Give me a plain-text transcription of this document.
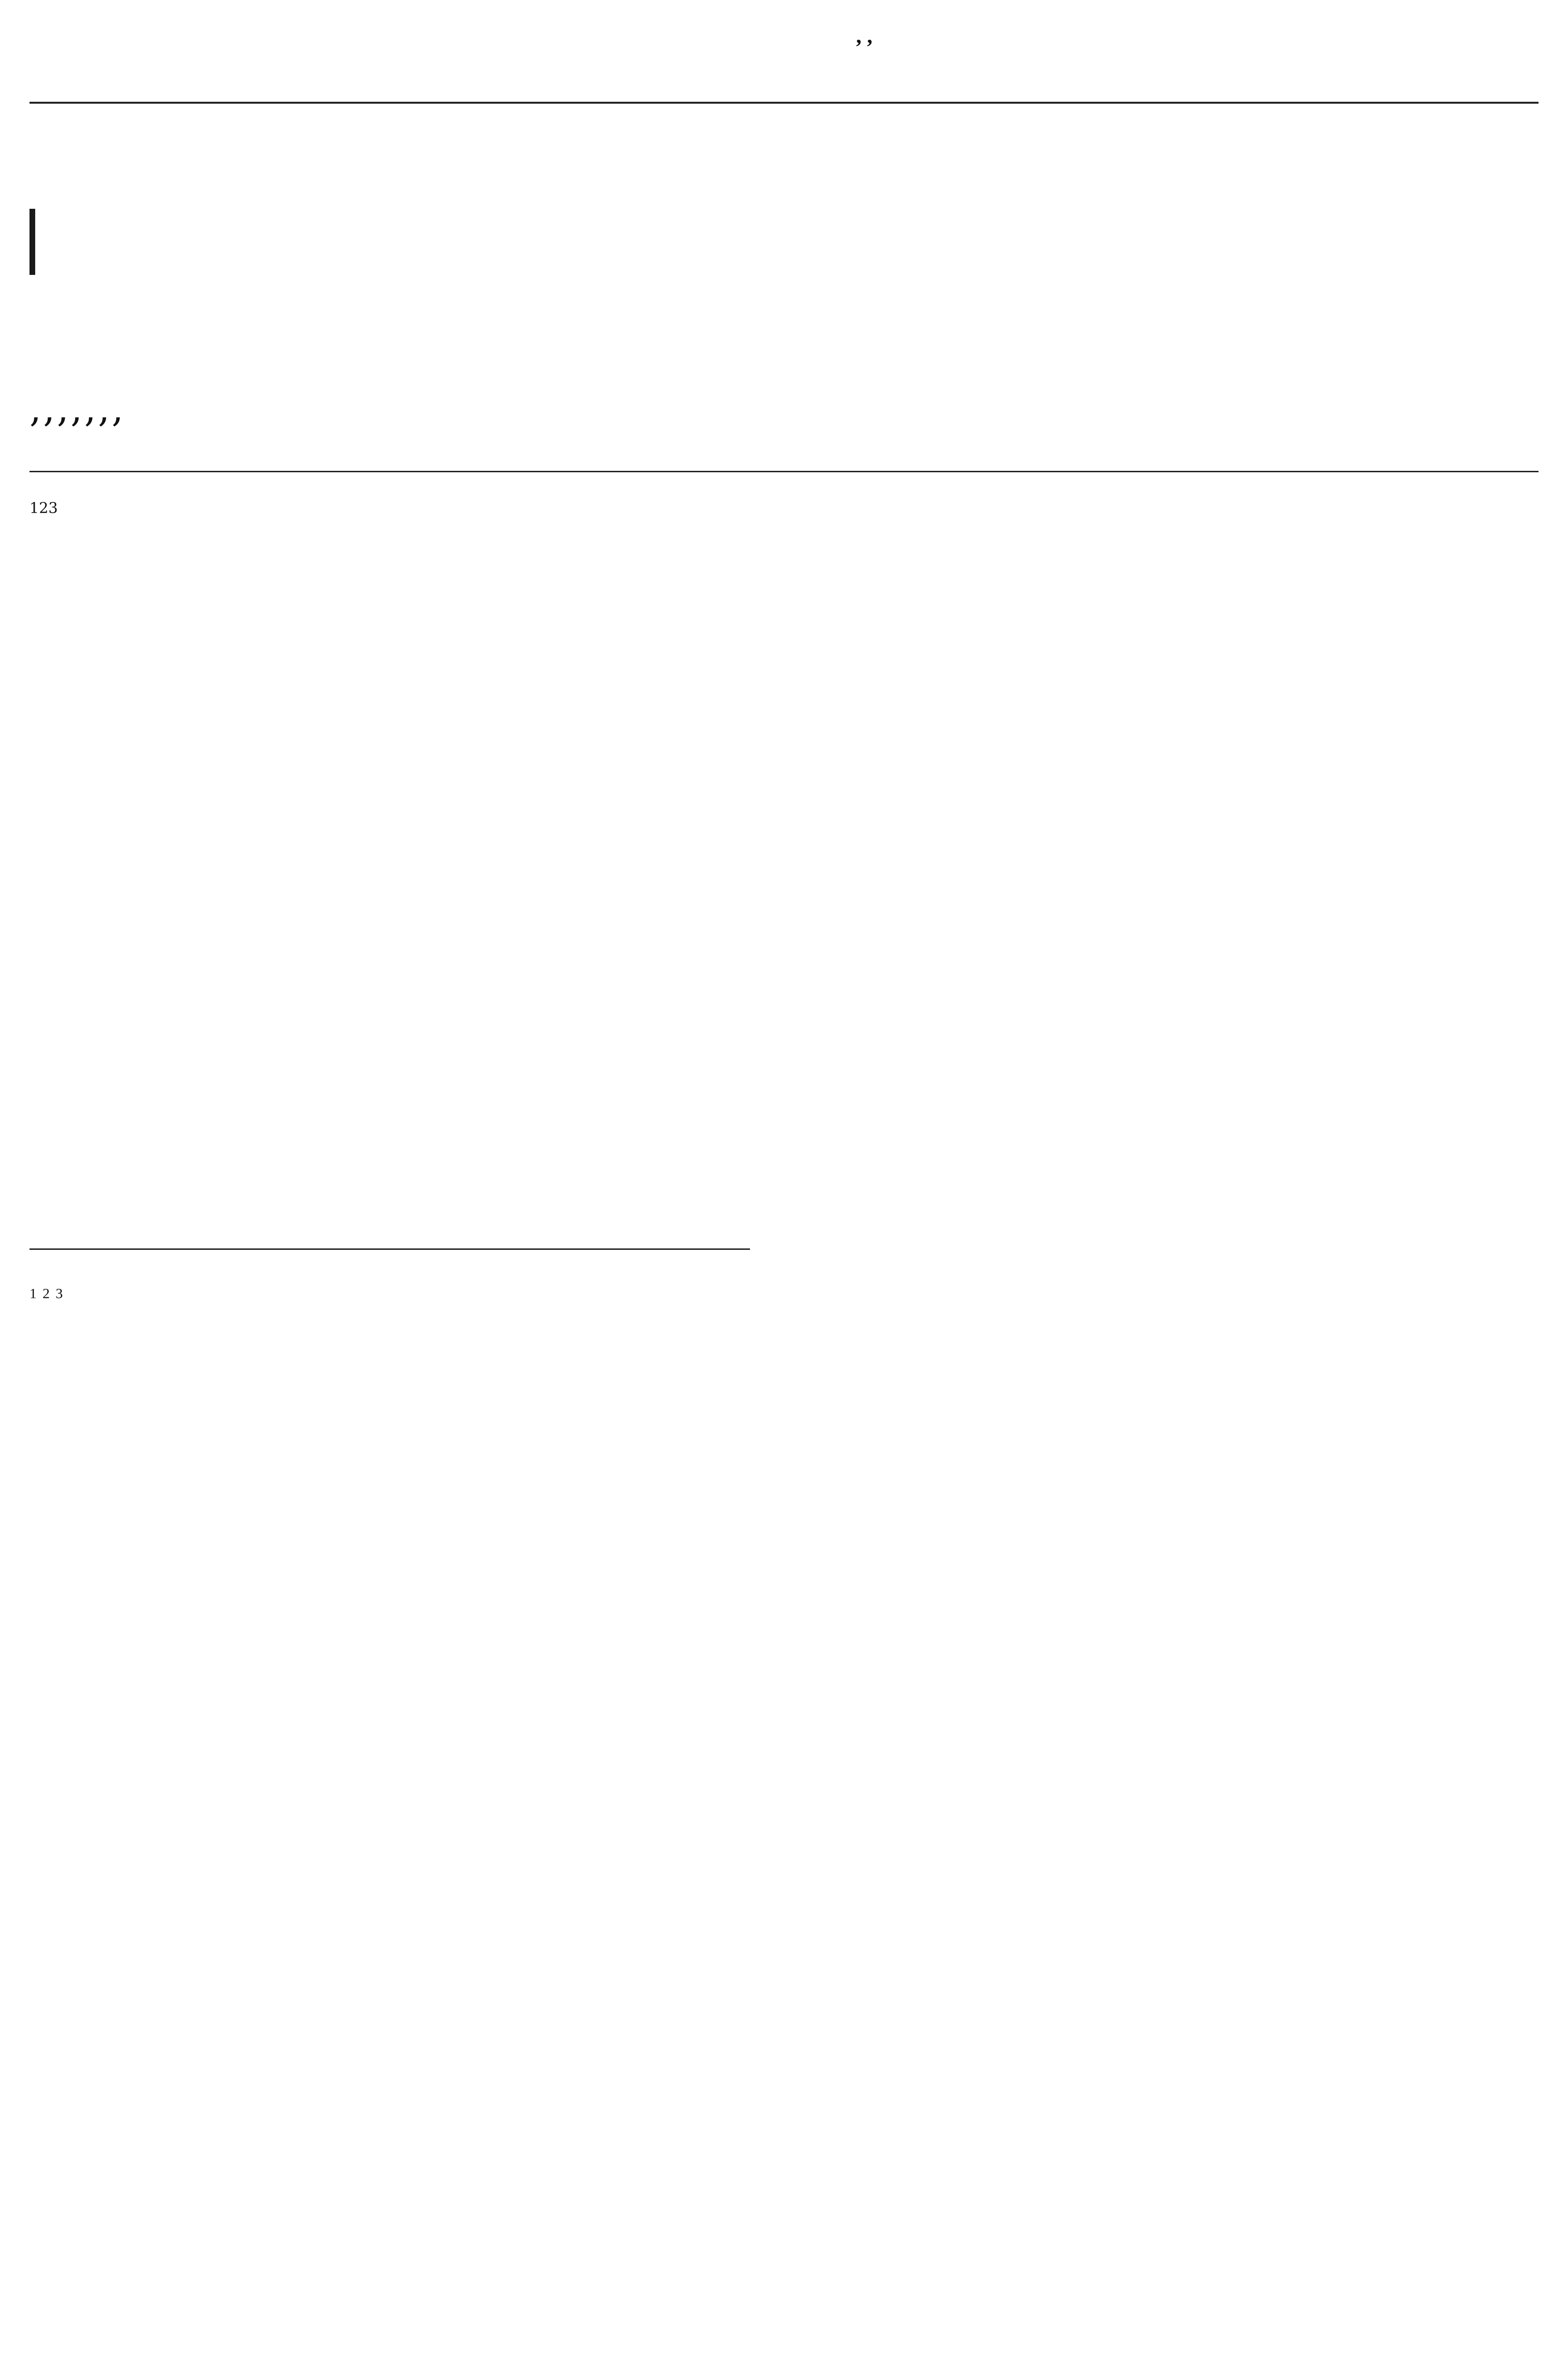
, ,
,,,,,,,

$^{123}$

$^1$ $^2$ $^3$
